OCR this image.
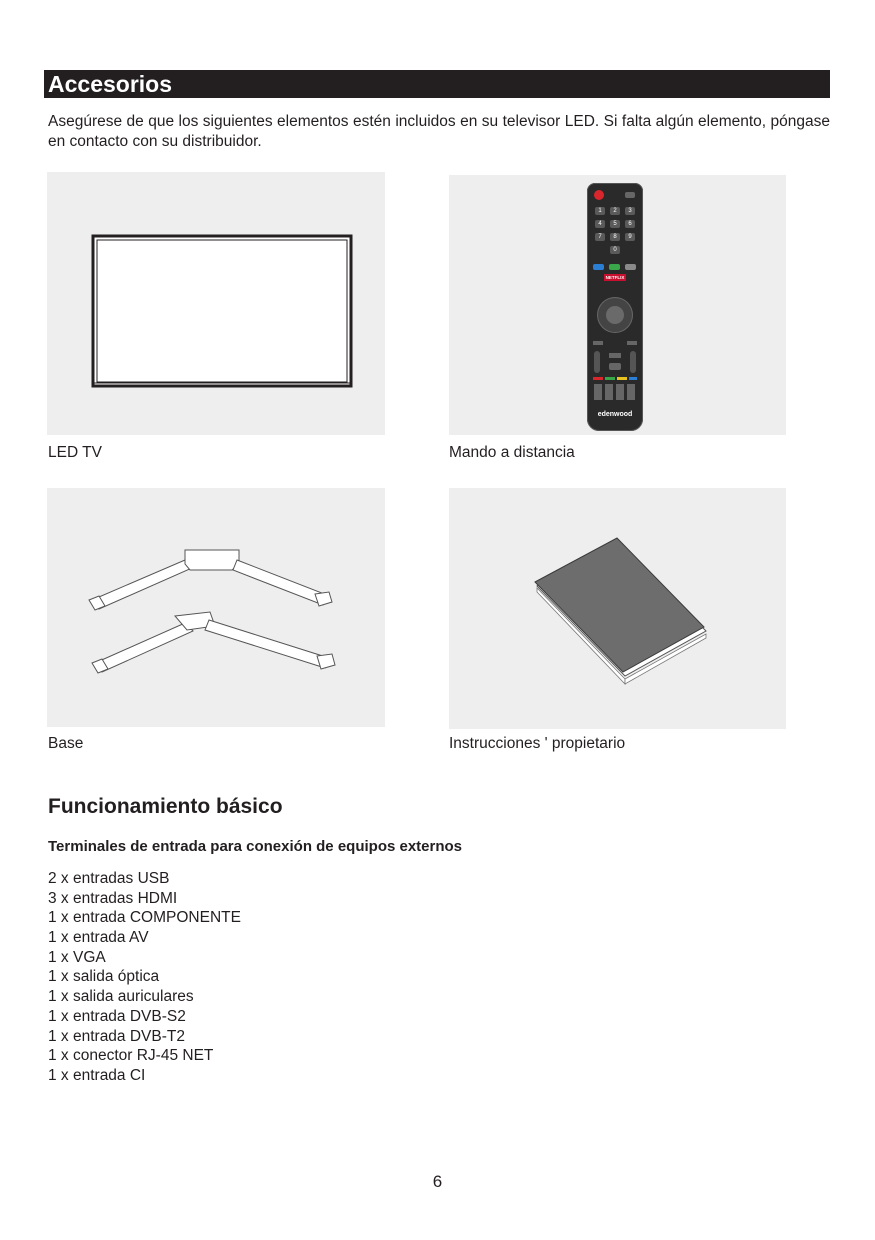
Accesorios

Asegúrese de que los siguientes elementos estén incluidos en su televisor LED. Si falta algún elemento, póngase en contacto con su distribuidor.

LED TV
1	2	3
4	5	6
7	8	9
0
NETFLIX
edenwood
Mando a distancia
Base	Instrucciones ' propietario
Funcionamiento básico
Terminales de entrada para conexión de equipos externos
2 x entradas USB
3 x entradas HDMI
1 x entrada COMPONENTE
1 x entrada AV
1 x VGA
1 x salida óptica
1 x salida auriculares
1 x entrada DVB-S2
1 x entrada DVB-T2
1 x conector RJ-45 NET
1 x entrada CI
6
